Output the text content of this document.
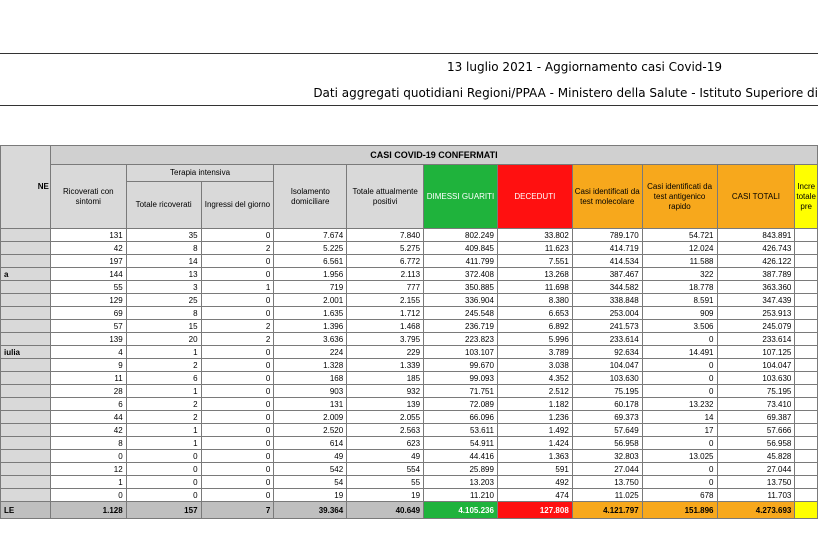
13 luglio 2021 - Aggiornamento casi Covid-19
Dati aggregati quotidiani Regioni/PPAA - Ministero della Salute - Istituto Superiore di
NE	CASI COVID-19 CONFERMATI										
	Ricoverati con sintomi	Terapia intensiva		Isolamento domiciliare	Totale attualmente positivi	DIMESSI GUARITI	DECEDUTI	Casi identificati da test molecolare	Casi identificati da test antigenico rapido	CASI TOTALI	Incre totale pre
		Totale ricoverati	Ingressi del giorno								
	131	35	0	7.674	7.840	802.249	33.802	789.170	54.721	843.891	
	42	8	2	5.225	5.275	409.845	11.623	414.719	12.024	426.743	
	197	14	0	6.561	6.772	411.799	7.551	414.534	11.588	426.122	
a	144	13	0	1.956	2.113	372.408	13.268	387.467	322	387.789	
	55	3	1	719	777	350.885	11.698	344.582	18.778	363.360	
	129	25	0	2.001	2.155	336.904	8.380	338.848	8.591	347.439	
	69	8	0	1.635	1.712	245.548	6.653	253.004	909	253.913	
	57	15	2	1.396	1.468	236.719	6.892	241.573	3.506	245.079	
	139	20	2	3.636	3.795	223.823	5.996	233.614	0	233.614	
iulia	4	1	0	224	229	103.107	3.789	92.634	14.491	107.125	
	9	2	0	1.328	1.339	99.670	3.038	104.047	0	104.047	
	11	6	0	168	185	99.093	4.352	103.630	0	103.630	
	28	1	0	903	932	71.751	2.512	75.195	0	75.195	
	6	2	0	131	139	72.089	1.182	60.178	13.232	73.410	
	44	2	0	2.009	2.055	66.096	1.236	69.373	14	69.387	
	42	1	0	2.520	2.563	53.611	1.492	57.649	17	57.666	
	8	1	0	614	623	54.911	1.424	56.958	0	56.958	
	0	0	0	49	49	44.416	1.363	32.803	13.025	45.828	
	12	0	0	542	554	25.899	591	27.044	0	27.044	
	1	0	0	54	55	13.203	492	13.750	0	13.750	
	0	0	0	19	19	11.210	474	11.025	678	11.703	
LE	1.128	157	7	39.364	40.649	4.105.236	127.808	4.121.797	151.896	4.273.693	
